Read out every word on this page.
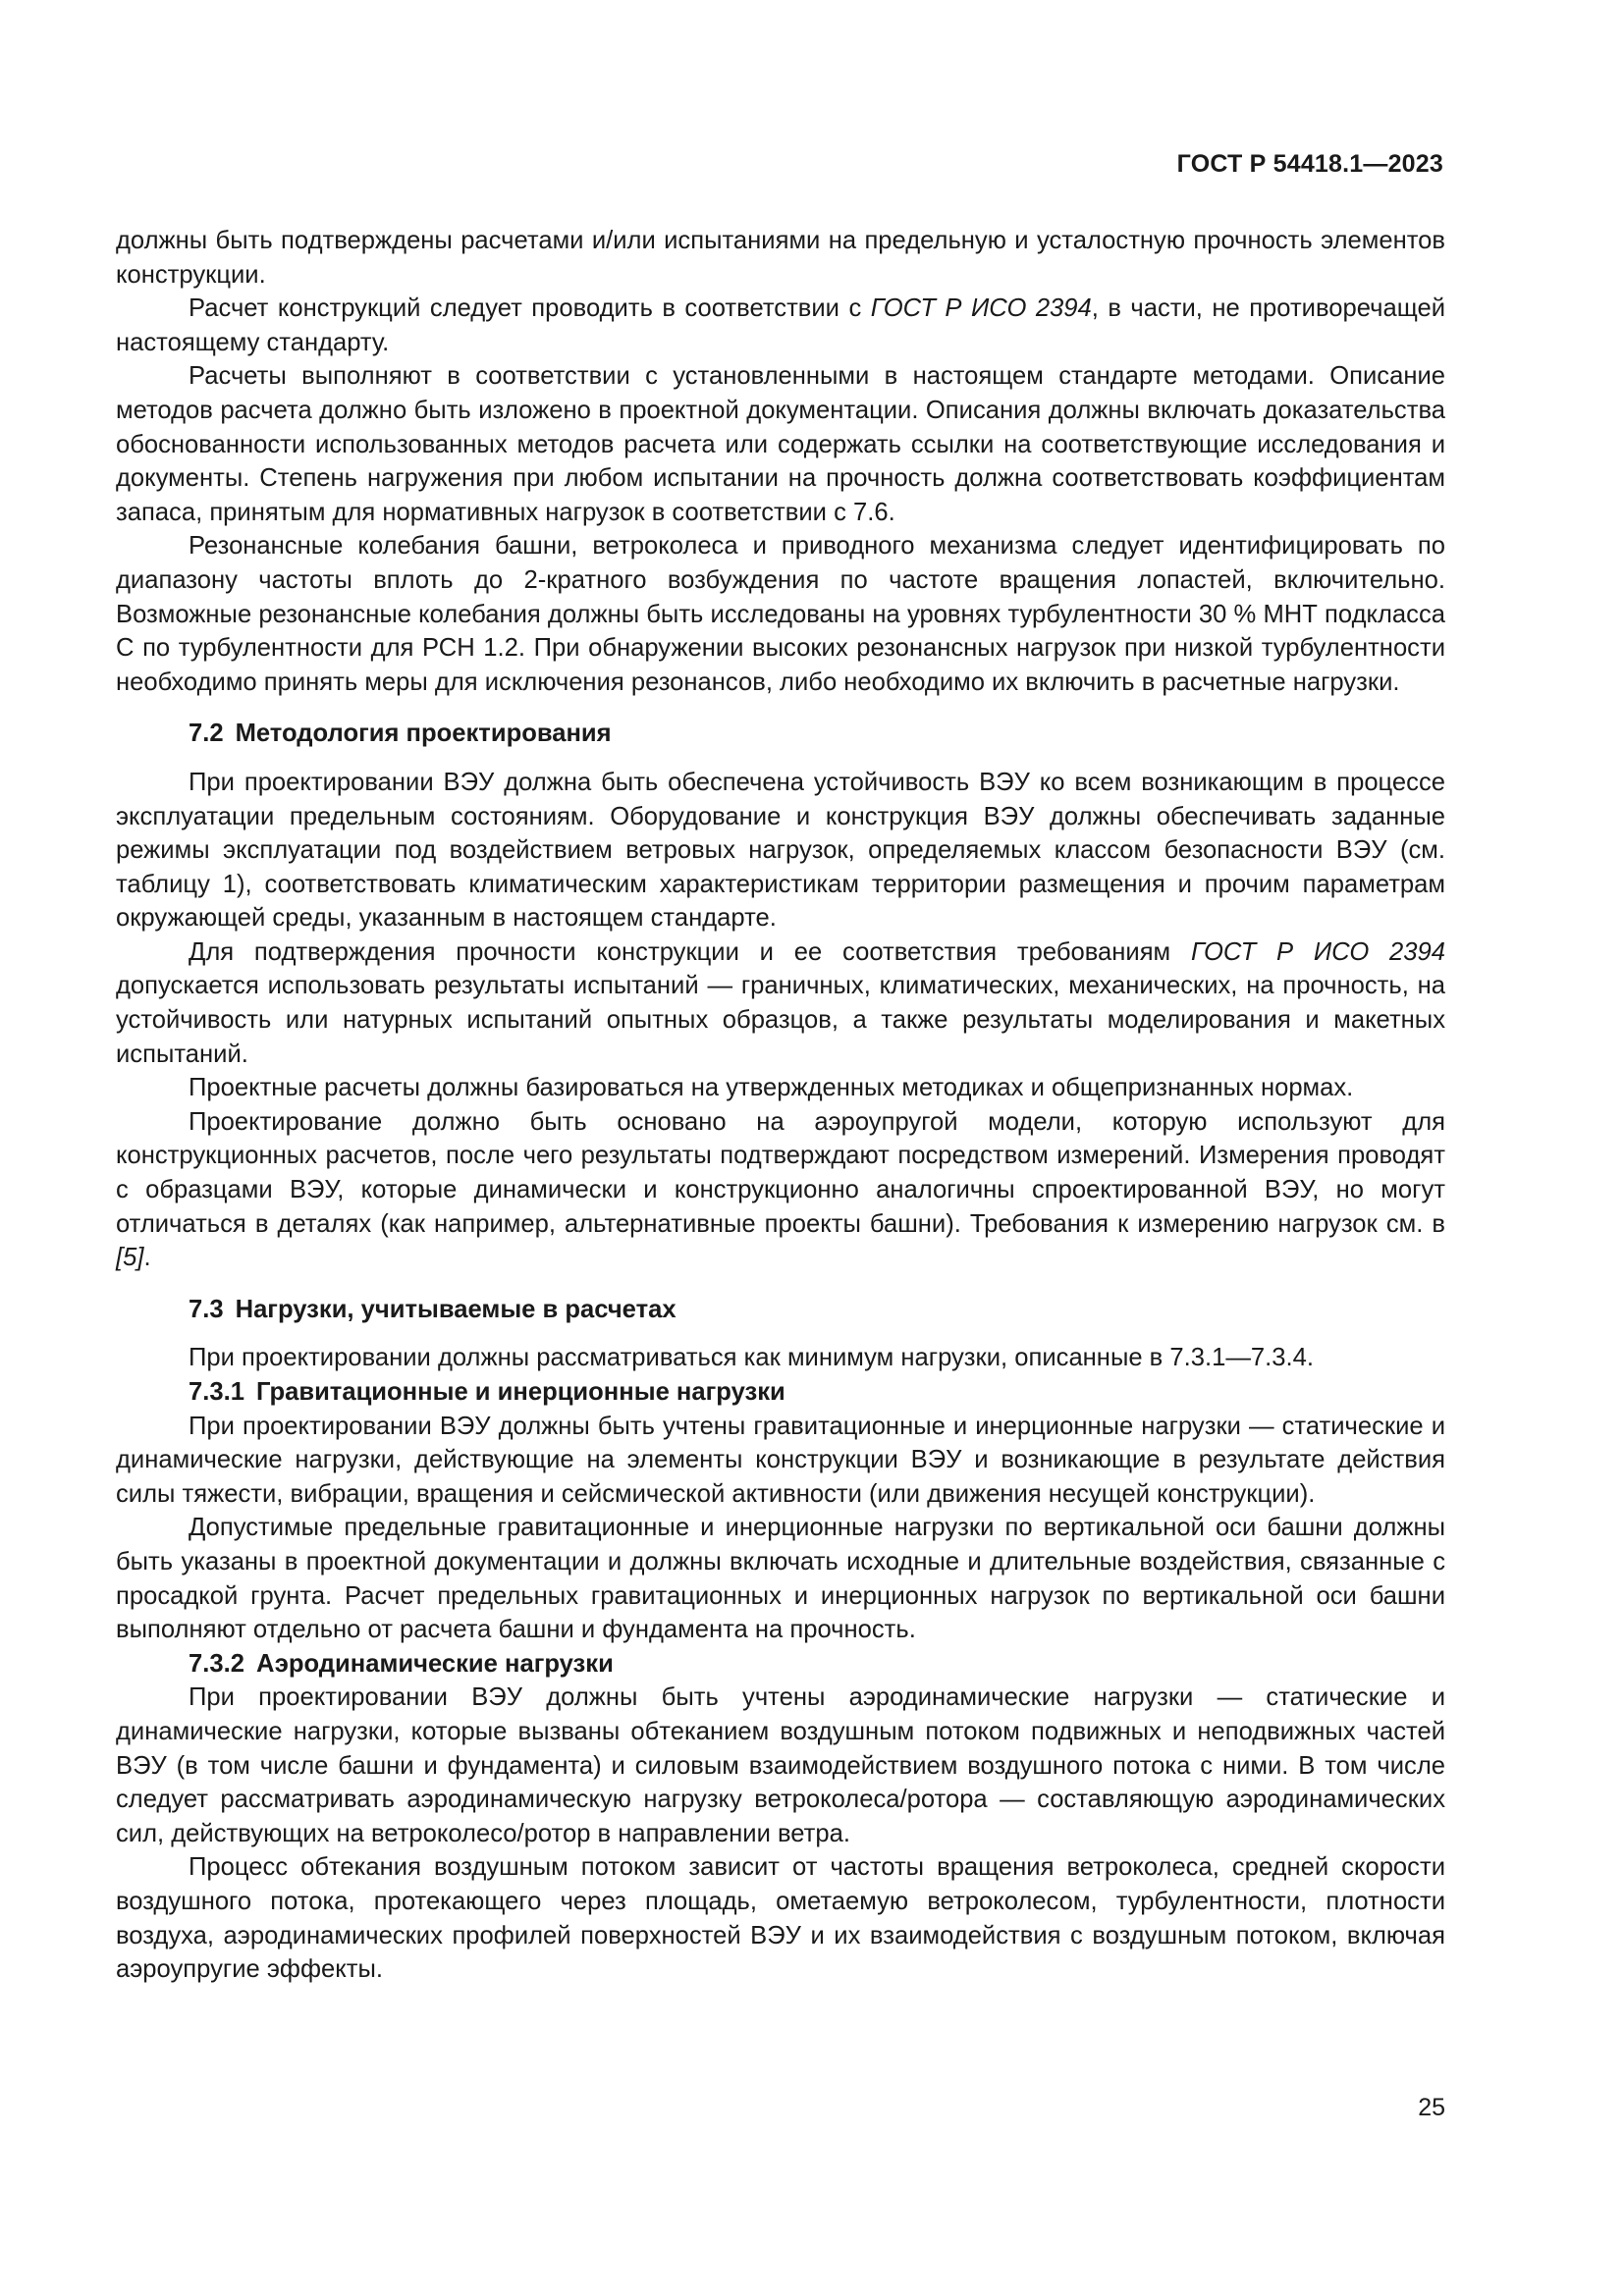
ГОСТ Р 54418.1—2023

должны быть подтверждены расчетами и/или испытаниями на предельную и усталостную прочность элементов конструкции.

Расчет конструкций следует проводить в соответствии с ГОСТ Р ИСО 2394, в части, не противоречащей настоящему стандарту.

Расчеты выполняют в соответствии с установленными в настоящем стандарте методами. Описание методов расчета должно быть изложено в проектной документации. Описания должны включать доказательства обоснованности использованных методов расчета или содержать ссылки на соответствующие исследования и документы. Степень нагружения при любом испытании на прочность должна соответствовать коэффициентам запаса, принятым для нормативных нагрузок в соответствии с 7.6.

Резонансные колебания башни, ветроколеса и приводного механизма следует идентифицировать по диапазону частоты вплоть до 2-кратного возбуждения по частоте вращения лопастей, включительно. Возможные резонансные колебания должны быть исследованы на уровнях турбулентности 30 % МНТ подкласса С по турбулентности для РСН 1.2. При обнаружении высоких резонансных нагрузок при низкой турбулентности необходимо принять меры для исключения резонансов, либо необходимо их включить в расчетные нагрузки.

7.2 Методология проектирования

При проектировании ВЭУ должна быть обеспечена устойчивость ВЭУ ко всем возникающим в процессе эксплуатации предельным состояниям. Оборудование и конструкция ВЭУ должны обеспечивать заданные режимы эксплуатации под воздействием ветровых нагрузок, определяемых классом безопасности ВЭУ (см. таблицу 1), соответствовать климатическим характеристикам территории размещения и прочим параметрам окружающей среды, указанным в настоящем стандарте.

Для подтверждения прочности конструкции и ее соответствия требованиям ГОСТ Р ИСО 2394 допускается использовать результаты испытаний — граничных, климатических, механических, на прочность, на устойчивость или натурных испытаний опытных образцов, а также результаты моделирования и макетных испытаний.

Проектные расчеты должны базироваться на утвержденных методиках и общепризнанных нормах.

Проектирование должно быть основано на аэроупругой модели, которую используют для конструкционных расчетов, после чего результаты подтверждают посредством измерений. Измерения проводят с образцами ВЭУ, которые динамически и конструкционно аналогичны спроектированной ВЭУ, но могут отличаться в деталях (как например, альтернативные проекты башни). Требования к измерению нагрузок см. в [5].

7.3 Нагрузки, учитываемые в расчетах

При проектировании должны рассматриваться как минимум нагрузки, описанные в 7.3.1—7.3.4.

7.3.1 Гравитационные и инерционные нагрузки

При проектировании ВЭУ должны быть учтены гравитационные и инерционные нагрузки — статические и динамические нагрузки, действующие на элементы конструкции ВЭУ и возникающие в результате действия силы тяжести, вибрации, вращения и сейсмической активности (или движения несущей конструкции).

Допустимые предельные гравитационные и инерционные нагрузки по вертикальной оси башни должны быть указаны в проектной документации и должны включать исходные и длительные воздействия, связанные с просадкой грунта. Расчет предельных гравитационных и инерционных нагрузок по вертикальной оси башни выполняют отдельно от расчета башни и фундамента на прочность.

7.3.2 Аэродинамические нагрузки

При проектировании ВЭУ должны быть учтены аэродинамические нагрузки — статические и динамические нагрузки, которые вызваны обтеканием воздушным потоком подвижных и неподвижных частей ВЭУ (в том числе башни и фундамента) и силовым взаимодействием воздушного потока с ними. В том числе следует рассматривать аэродинамическую нагрузку ветроколеса/ротора — составляющую аэродинамических сил, действующих на ветроколесо/ротор в направлении ветра.

Процесс обтекания воздушным потоком зависит от частоты вращения ветроколеса, средней скорости воздушного потока, протекающего через площадь, ометаемую ветроколесом, турбулентности, плотности воздуха, аэродинамических профилей поверхностей ВЭУ и их взаимодействия с воздушным потоком, включая аэроупругие эффекты.

25
